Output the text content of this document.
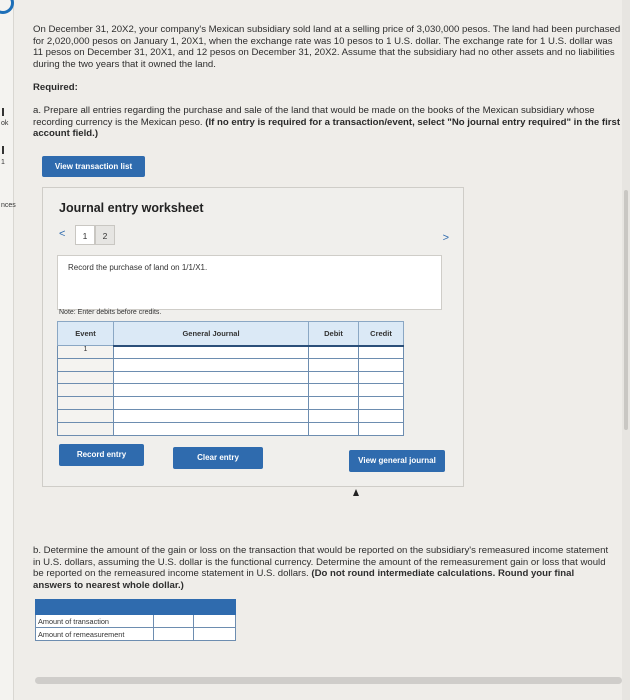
ok
1
nces

On December 31, 20X2, your company's Mexican subsidiary sold land at a selling price of 3,030,000 pesos. The land had been purchased for 2,020,000 pesos on January 1, 20X1, when the exchange rate was 10 pesos to 1 U.S. dollar. The exchange rate for 1 U.S. dollar was 11 pesos on December 31, 20X1, and 12 pesos on December 31, 20X2. Assume that the subsidiary had no other assets and no liabilities during the two years that it owned the land.

Required:

a. Prepare all entries regarding the purchase and sale of the land that would be made on the books of the Mexican subsidiary whose recording currency is the Mexican peso. (If no entry is required for a transaction/event, select "No journal entry required" in the first account field.)

View transaction list
Journal entry worksheet
<	1	2	>
Record the purchase of land on 1/1/X1.
Note: Enter debits before credits.
Event	General Journal	Debit	Credit
1			

Record entry	Clear entry	View general journal
b. Determine the amount of the gain or loss on the transaction that would be reported on the subsidiary's remeasured income statement in U.S. dollars, assuming the U.S. dollar is the functional currency. Determine the amount of the remeasurement gain or loss that would be reported on the remeasured income statement in U.S. dollars. (Do not round intermediate calculations. Round your final answers to nearest whole dollar.)

Amount of transaction		
Amount of remeasurement		
